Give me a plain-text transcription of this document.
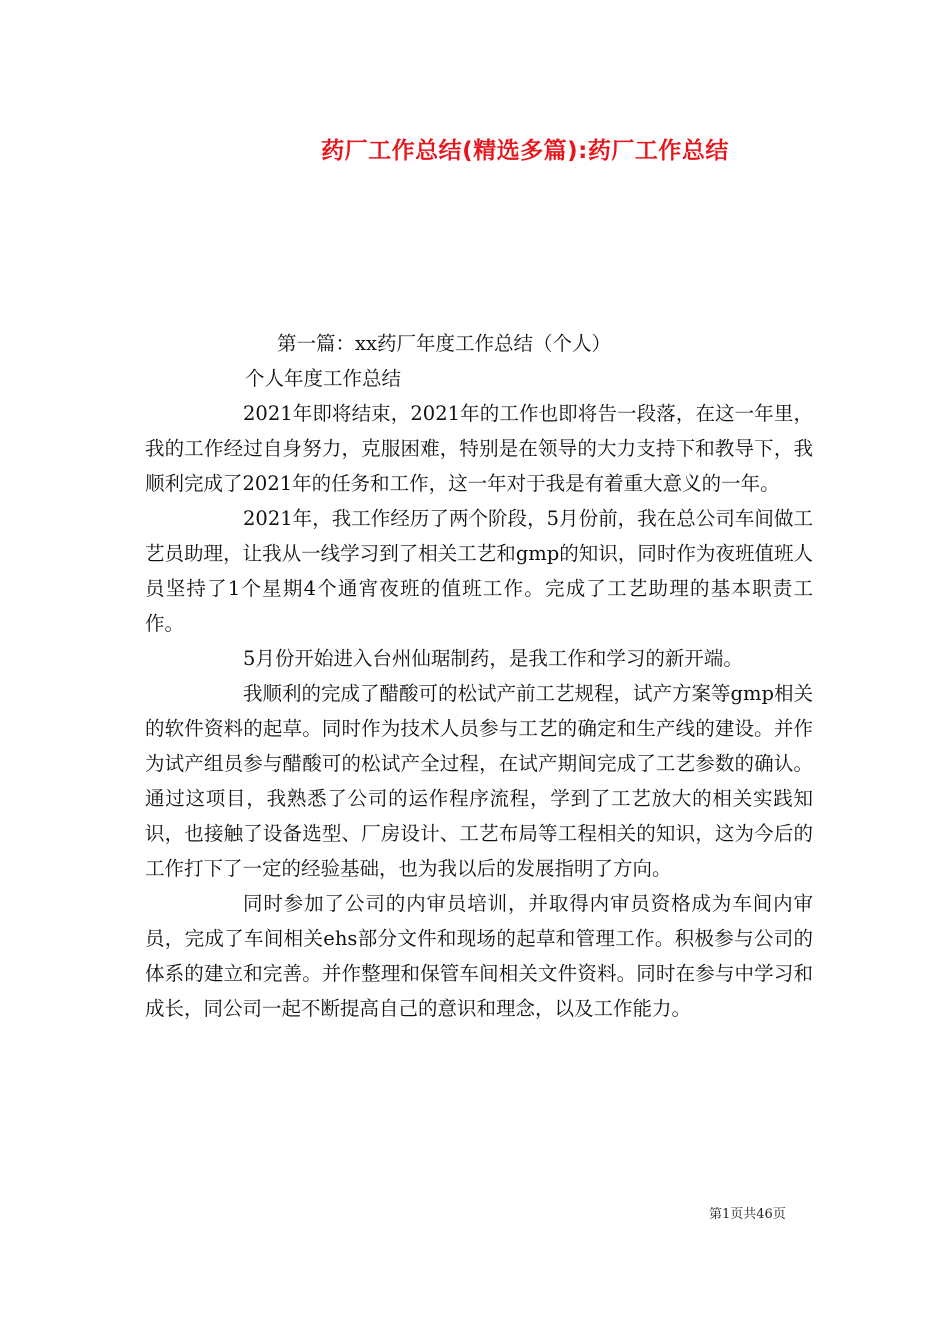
药厂工作总结(精选多篇):药厂工作总结

第一篇：xx药厂年度工作总结（个人）

个人年度工作总结

2021年即将结束，2021年的工作也即将告一段落，在这一年里，我的工作经过自身努力，克服困难，特别是在领导的大力支持下和教导下，我顺利完成了2021年的任务和工作，这一年对于我是有着重大意义的一年。

2021年，我工作经历了两个阶段，5月份前，我在总公司车间做工艺员助理，让我从一线学习到了相关工艺和gmp的知识，同时作为夜班值班人员坚持了1个星期4个通宵夜班的值班工作。完成了工艺助理的基本职责工作。

5月份开始进入台州仙琚制药，是我工作和学习的新开端。

我顺利的完成了醋酸可的松试产前工艺规程，试产方案等gmp相关的软件资料的起草。同时作为技术人员参与工艺的确定和生产线的建设。并作为试产组员参与醋酸可的松试产全过程，在试产期间完成了工艺参数的确认。通过这项目，我熟悉了公司的运作程序流程，学到了工艺放大的相关实践知识，也接触了设备选型、厂房设计、工艺布局等工程相关的知识，这为今后的工作打下了一定的经验基础，也为我以后的发展指明了方向。

同时参加了公司的内审员培训，并取得内审员资格成为车间内审员，完成了车间相关ehs部分文件和现场的起草和管理工作。积极参与公司的体系的建立和完善。并作整理和保管车间相关文件资料。同时在参与中学习和成长，同公司一起不断提高自己的意识和理念，以及工作能力。

第1页共46页
